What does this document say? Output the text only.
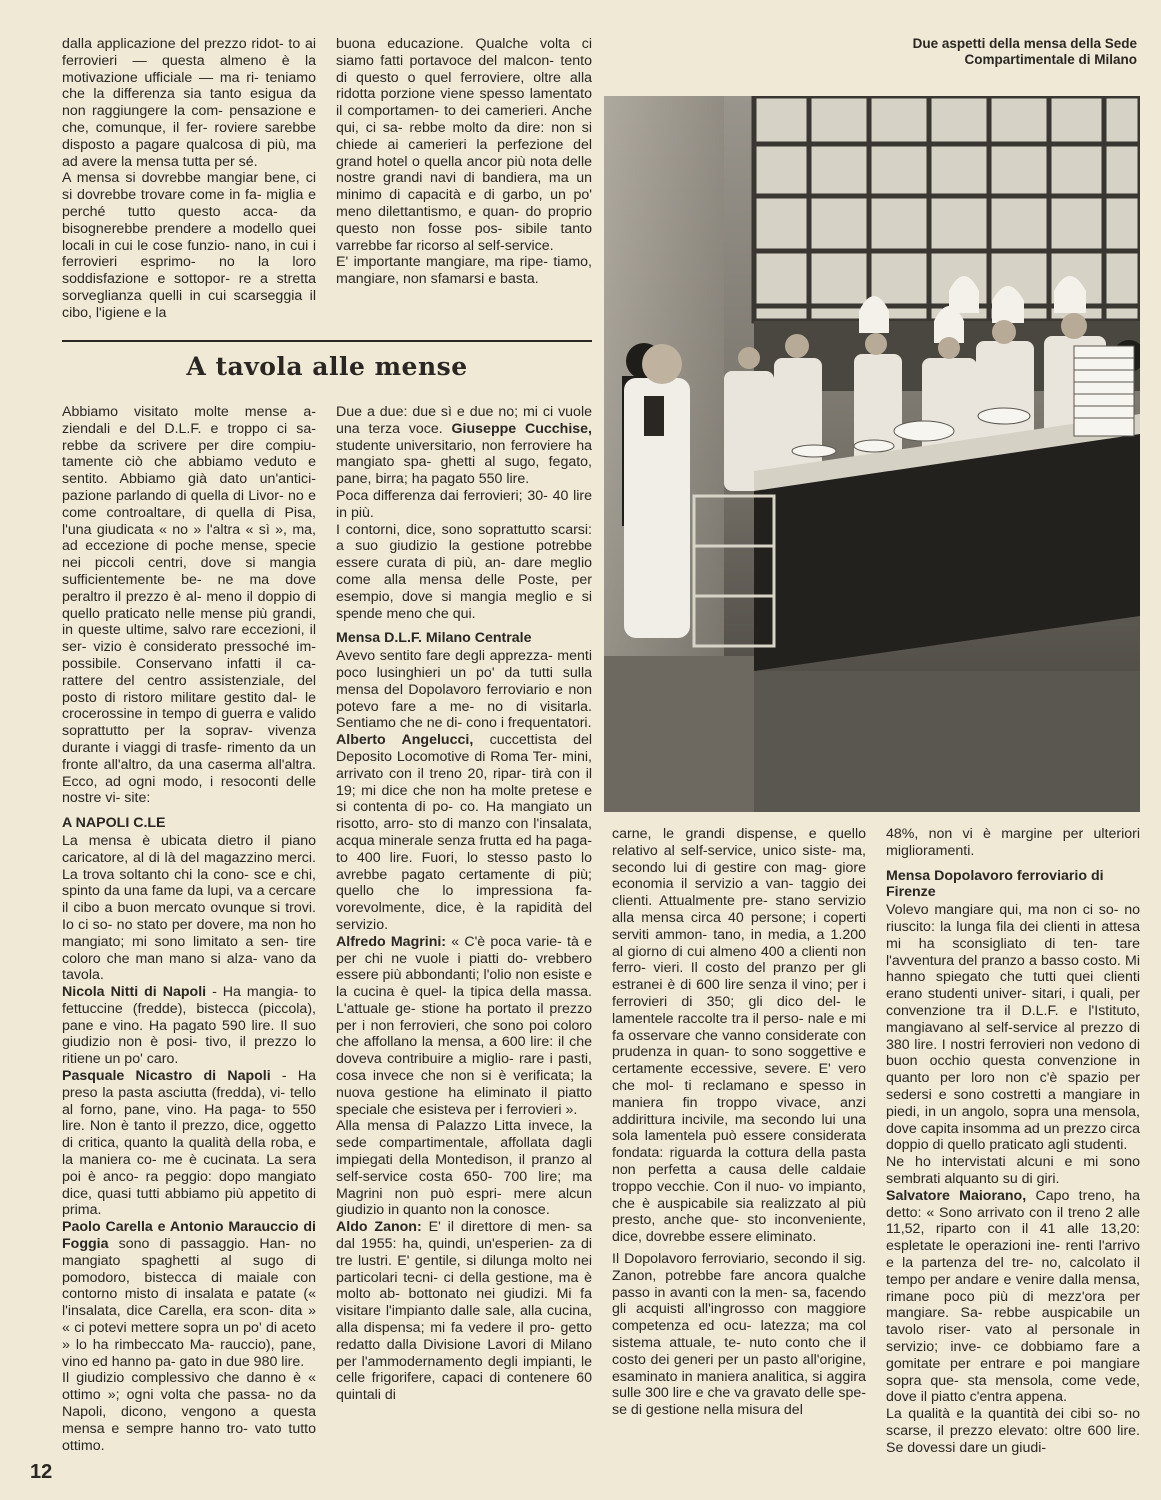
dalla applicazione del prezzo ridot- to ai ferrovieri — questa almeno è la motivazione ufficiale — ma ri- teniamo che la differenza sia tanto esigua da non raggiungere la com- pensazione e che, comunque, il fer- roviere sarebbe disposto a pagare qualcosa di più, ma ad avere la mensa tutta per sé.

A mensa si dovrebbe mangiar bene, ci si dovrebbe trovare come in fa- miglia e perché tutto questo acca- da bisognerebbe prendere a modello quei locali in cui le cose funzio- nano, in cui i ferrovieri esprimo- no la loro soddisfazione e sottopor- re a stretta sorveglianza quelli in cui scarseggia il cibo, l'igiene e la

buona educazione. Qualche volta ci siamo fatti portavoce del malcon- tento di questo o quel ferroviere, oltre alla ridotta porzione viene spesso lamentato il comportamen- to dei camerieri. Anche qui, ci sa- rebbe molto da dire: non si chiede ai camerieri la perfezione del grand hotel o quella ancor più nota delle nostre grandi navi di bandiera, ma un minimo di capacità e di garbo, un po' meno dilettantismo, e quan- do proprio questo non fosse pos- sibile tanto varrebbe far ricorso al self-service.

E' importante mangiare, ma ripe- tiamo, mangiare, non sfamarsi e basta.

A tavola alle mense
Due aspetti della mensa della Sede Compartimentale di Milano

Abbiamo visitato molte mense a- ziendali e del D.L.F. e troppo ci sa- rebbe da scrivere per dire compiu- tamente ciò che abbiamo veduto e sentito. Abbiamo già dato un'antici- pazione parlando di quella di Livor- no e come controaltare, di quella di Pisa, l'una giudicata « no » l'altra « sì », ma, ad eccezione di poche mense, specie nei piccoli centri, dove si mangia sufficientemente be- ne ma dove peraltro il prezzo è al- meno il doppio di quello praticato nelle mense più grandi, in queste ultime, salvo rare eccezioni, il ser- vizio è considerato pressoché im- possibile. Conservano infatti il ca- rattere del centro assistenziale, del posto di ristoro militare gestito dal- le crocerossine in tempo di guerra e valido soprattutto per la soprav- vivenza durante i viaggi di trasfe- rimento da un fronte all'altro, da una caserma all'altra. Ecco, ad ogni modo, i resoconti delle nostre vi- site:

A NAPOLI C.LE

La mensa è ubicata dietro il piano caricatore, al di là del magazzino merci. La trova soltanto chi la cono- sce e chi, spinto da una fame da lupi, va a cercare il cibo a buon mercato ovunque si trovi. Io ci so- no stato per dovere, ma non ho mangiato; mi sono limitato a sen- tire coloro che man mano si alza- vano da tavola.

Nicola Nitti di Napoli - Ha mangia- to fettuccine (fredde), bistecca (piccola), pane e vino. Ha pagato 590 lire. Il suo giudizio non è posi- tivo, il prezzo lo ritiene un po' caro.

Pasquale Nicastro di Napoli - Ha preso la pasta asciutta (fredda), vi- tello al forno, pane, vino. Ha paga- to 550 lire. Non è tanto il prezzo, dice, oggetto di critica, quanto la qualità della roba, e la maniera co- me è cucinata. La sera poi è anco- ra peggio: dopo mangiato dice, quasi tutti abbiamo più appetito di prima.

Paolo Carella e Antonio Marauccio di Foggia sono di passaggio. Han- no mangiato spaghetti al sugo di pomodoro, bistecca di maiale con contorno misto di insalata e patate (« l'insalata, dice Carella, era scon- dita » « ci potevi mettere sopra un po' di aceto » lo ha rimbeccato Ma- rauccio), pane, vino ed hanno pa- gato in due 980 lire.

Il giudizio complessivo che danno è « ottimo »; ogni volta che passa- no da Napoli, dicono, vengono a questa mensa e sempre hanno tro- vato tutto ottimo.

Due a due: due sì e due no; mi ci vuole una terza voce. Giuseppe Cucchise, studente universitario, non ferroviere ha mangiato spa- ghetti al sugo, fegato, pane, birra; ha pagato 550 lire.

Poca differenza dai ferrovieri; 30- 40 lire in più.

I contorni, dice, sono soprattutto scarsi: a suo giudizio la gestione potrebbe essere curata di più, an- dare meglio come alla mensa delle Poste, per esempio, dove si mangia meglio e si spende meno che qui.

Mensa D.L.F. Milano Centrale

Avevo sentito fare degli apprezza- menti poco lusinghieri un po' da tutti sulla mensa del Dopolavoro ferroviario e non potevo fare a me- no di visitarla. Sentiamo che ne di- cono i frequentatori.

Alberto Angelucci, cuccettista del Deposito Locomotive di Roma Ter- mini, arrivato con il treno 20, ripar- tirà con il 19; mi dice che non ha molte pretese e si contenta di po- co. Ha mangiato un risotto, arro- sto di manzo con l'insalata, acqua minerale senza frutta ed ha paga- to 400 lire. Fuori, lo stesso pasto lo avrebbe pagato certamente di più; quello che lo impressiona fa- vorevolmente, dice, è la rapidità del servizio.

Alfredo Magrini: « C'è poca varie- tà e per chi ne vuole i piatti do- vrebbero essere più abbondanti; l'olio non esiste e la cucina è quel- la tipica della massa. L'attuale ge- stione ha portato il prezzo per i non ferrovieri, che sono poi coloro che affollano la mensa, a 600 lire: il che doveva contribuire a miglio- rare i pasti, cosa invece che non si è verificata; la nuova gestione ha eliminato il piatto speciale che esisteva per i ferrovieri ».

Alla mensa di Palazzo Litta invece, la sede compartimentale, affollata dagli impiegati della Montedison, il pranzo al self-service costa 650- 700 lire; ma Magrini non può espri- mere alcun giudizio in quanto non la conosce.

Aldo Zanon: E' il direttore di men- sa dal 1955: ha, quindi, un'esperien- za di tre lustri. E' gentile, si dilunga molto nei particolari tecni- ci della gestione, ma è molto ab- bottonato nei giudizi. Mi fa visitare l'impianto dalle sale, alla cucina, alla dispensa; mi fa vedere il pro- getto redatto dalla Divisione Lavori di Milano per l'ammodernamento degli impianti, le celle frigorifere, capaci di contenere 60 quintali di

carne, le grandi dispense, e quello relativo al self-service, unico siste- ma, secondo lui di gestire con mag- giore economia il servizio a van- taggio dei clienti. Attualmente pre- stano servizio alla mensa circa 40 persone; i coperti serviti ammon- tano, in media, a 1.200 al giorno di cui almeno 400 a clienti non ferro- vieri. Il costo del pranzo per gli estranei è di 600 lire senza il vino; per i ferrovieri di 350; gli dico del- le lamentele raccolte tra il perso- nale e mi fa osservare che vanno considerate con prudenza in quan- to sono soggettive e certamente eccessive, severe. E' vero che mol- ti reclamano e spesso in maniera fin troppo vivace, anzi addirittura incivile, ma secondo lui una sola lamentela può essere considerata fondata: riguarda la cottura della pasta non perfetta a causa delle caldaie troppo vecchie. Con il nuo- vo impianto, che è auspicabile sia realizzato al più presto, anche que- sto inconveniente, dice, dovrebbe essere eliminato.

Il Dopolavoro ferroviario, secondo il sig. Zanon, potrebbe fare ancora qualche passo in avanti con la men- sa, facendo gli acquisti all'ingrosso con maggiore competenza ed ocu- latezza; ma col sistema attuale, te- nuto conto che il costo dei generi per un pasto all'origine, esaminato in maniera analitica, si aggira sulle 300 lire e che va gravato delle spe- se di gestione nella misura del

48%, non vi è margine per ulteriori miglioramenti.

Mensa Dopolavoro ferroviario di Firenze

Volevo mangiare qui, ma non ci so- no riuscito: la lunga fila dei clienti in attesa mi ha sconsigliato di ten- tare l'avventura del pranzo a basso costo. Mi hanno spiegato che tutti quei clienti erano studenti univer- sitari, i quali, per convenzione tra il D.L.F. e l'Istituto, mangiavano al self-service al prezzo di 380 lire. I nostri ferrovieri non vedono di buon occhio questa convenzione in quanto per loro non c'è spazio per sedersi e sono costretti a mangiare in piedi, in un angolo, sopra una mensola, dove capita insomma ad un prezzo circa doppio di quello praticato agli studenti.

Ne ho intervistati alcuni e mi sono sembrati alquanto su di giri.

Salvatore Maiorano, Capo treno, ha detto: « Sono arrivato con il treno 2 alle 11,52, riparto con il 41 alle 13,20: espletate le operazioni ine- renti l'arrivo e la partenza del tre- no, calcolato il tempo per andare e venire dalla mensa, rimane poco più di mezz'ora per mangiare. Sa- rebbe auspicabile un tavolo riser- vato al personale in servizio; inve- ce dobbiamo fare a gomitate per entrare e poi mangiare sopra que- sta mensola, come vede, dove il piatto c'entra appena.

La qualità e la quantità dei cibi so- no scarse, il prezzo elevato: oltre 600 lire. Se dovessi dare un giudi-

12
